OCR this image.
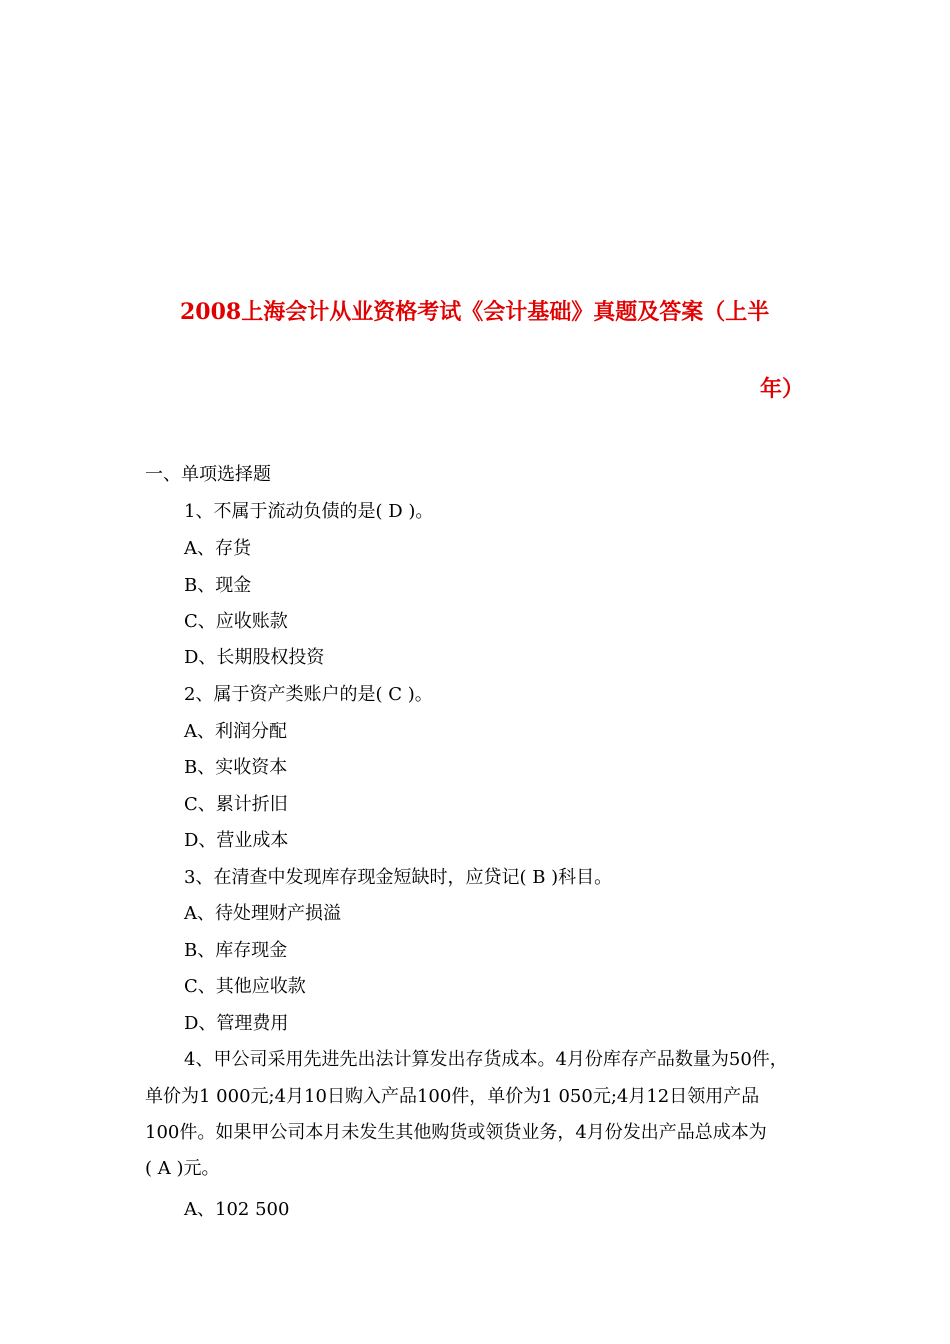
2008上海会计从业资格考试《会计基础》真题及答案（上半
年）
一、单项选择题
1、不属于流动负债的是( D )。
A、存货
B、现金
C、应收账款
D、长期股权投资
2、属于资产类账户的是( C )。
A、利润分配
B、实收资本
C、累计折旧
D、营业成本
3、在清查中发现库存现金短缺时，应贷记( B )科目。
A、待处理财产损溢
B、库存现金
C、其他应收款
D、管理费用
4、甲公司采用先进先出法计算发出存货成本。4月份库存产品数量为50件，
单价为1 000元;4月10日购入产品100件，单价为1 050元;4月12日领用产品
100件。如果甲公司本月未发生其他购货或领货业务，4月份发出产品总成本为
( A )元。
A、102 500
